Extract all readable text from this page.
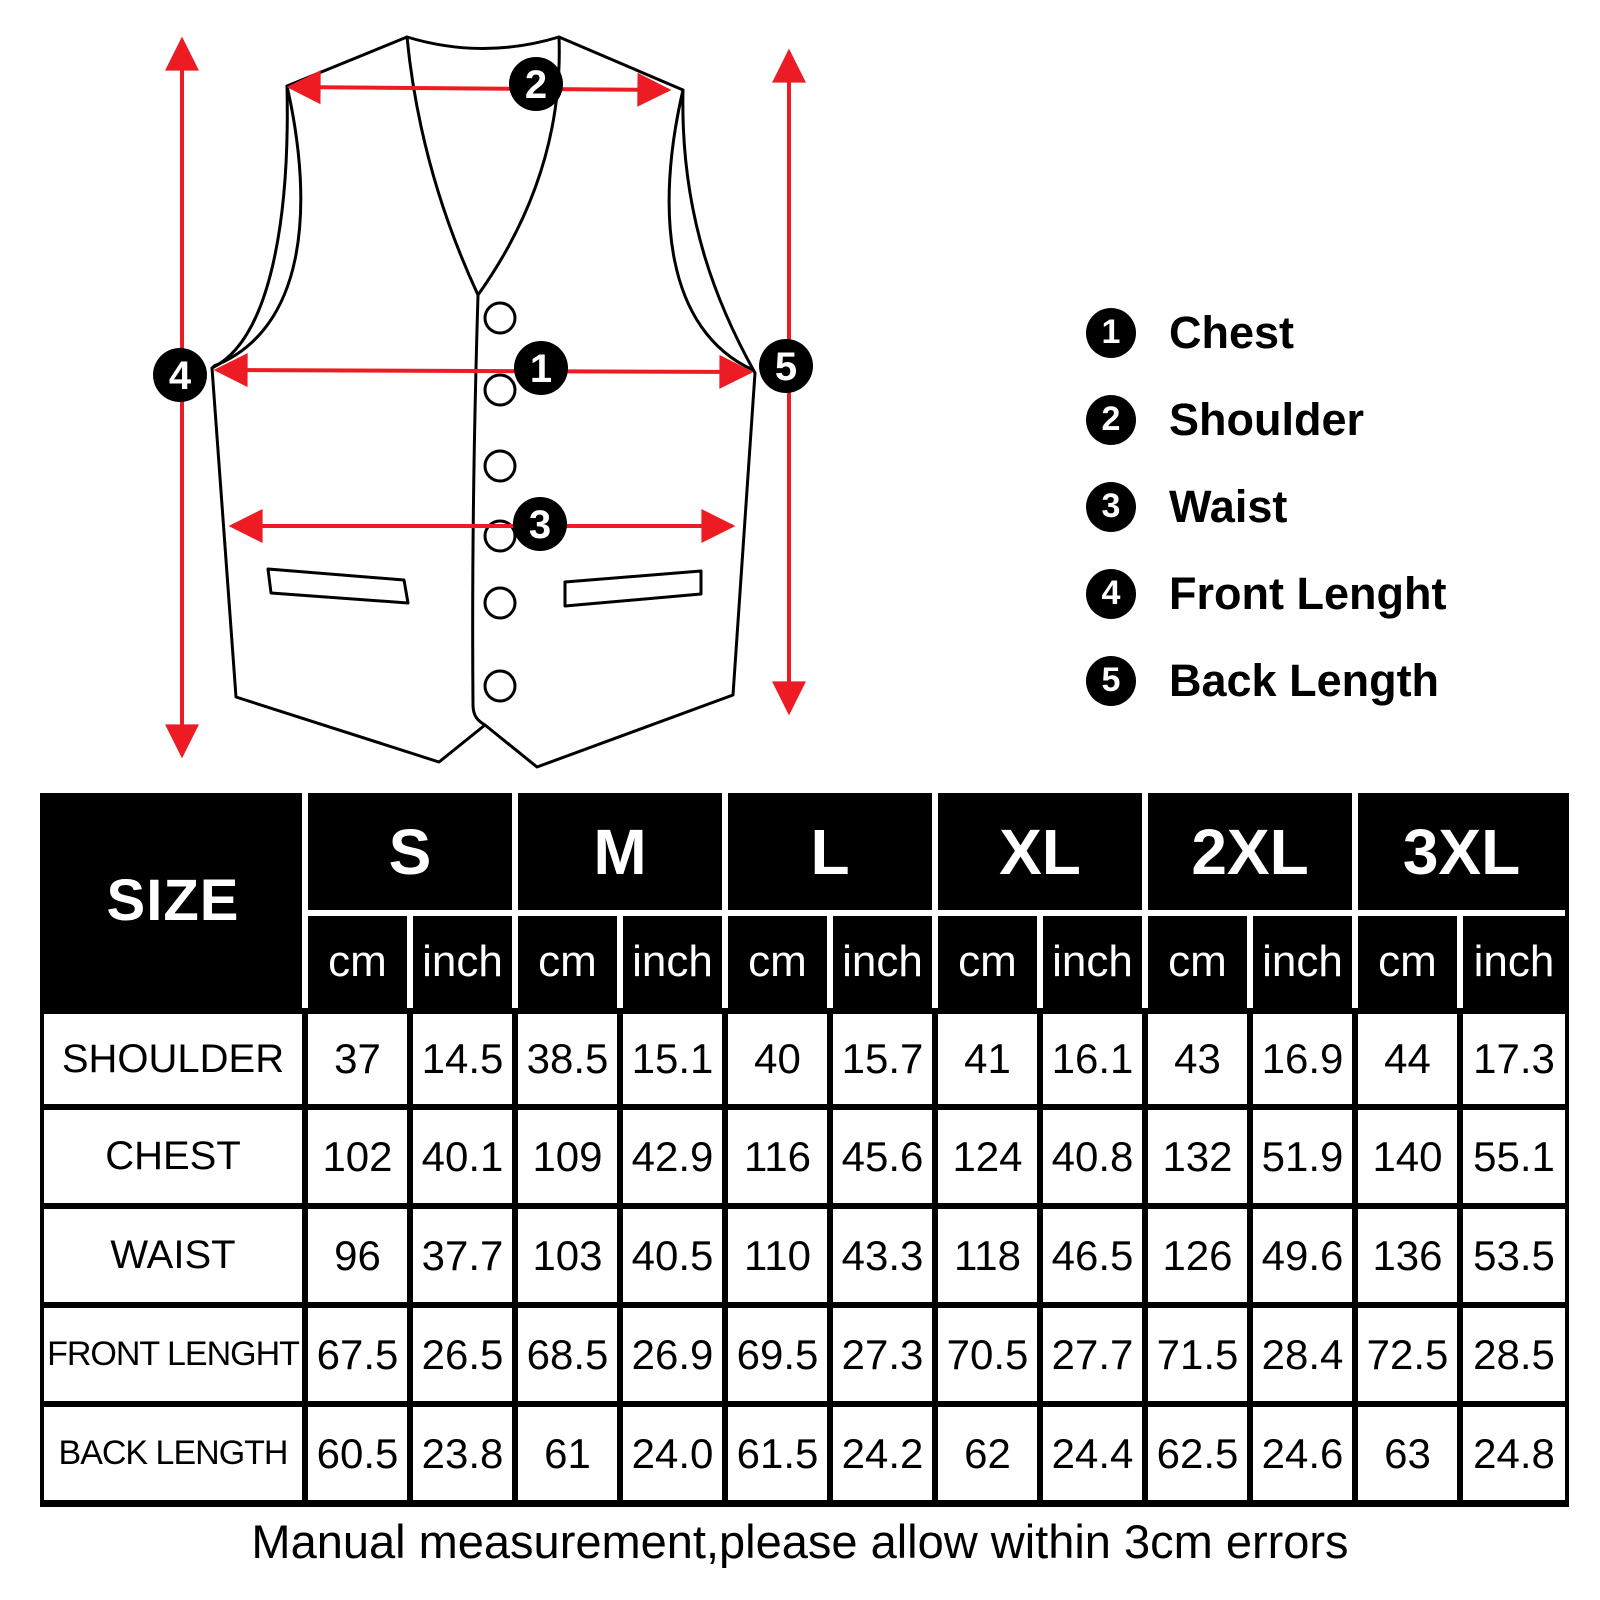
1
2
3
4	5
1	Chest
2	Shoulder
3	Waist
4	Front Lenght
5	Back Length
SIZE
S	M	L	XL	2XL	3XL
cm inch cm inch cm inch cm inch cm inch cm inch
SHOULDER	37 14.5 38.5 15.1 40 15.7 41 16.1 43 16.9 44	17.3
CHEST	102 40.1 109 42.9 116 45.6 124 40.8 132 51.9 140 55.1
WAIST	96 37.7 103 40.5 110 43.3 118 46.5 126 49.6 136 53.5
FRONT LENGHT 67.5 26.5 68.5 26.9 69.5 27.3 70.5 27.7 71.5 28.4 72.5 28.5
BACK LENGTH 60.5 23.8 61 24.0 61.5 24.2 62 24.4 62.5 24.6 63	24.8
Manual measurement,please allow within 3cm errors
